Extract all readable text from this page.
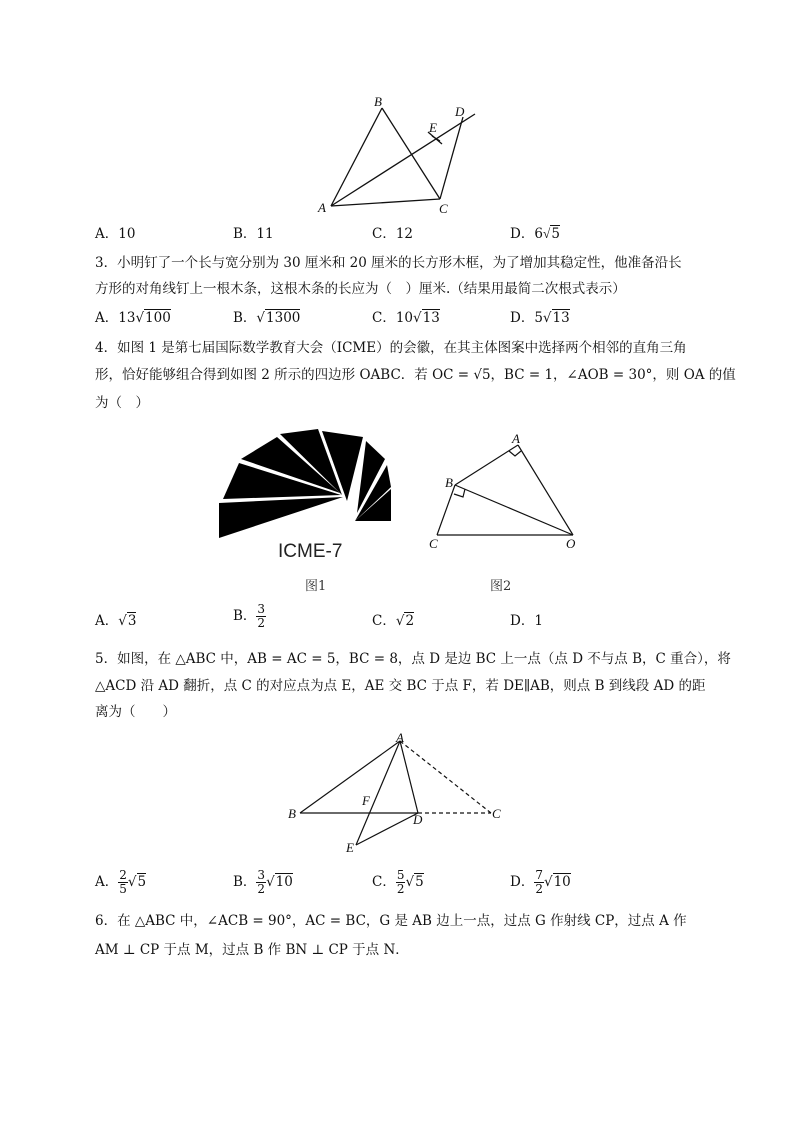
B
D
E
A	C
A．10	B．11	C．12	D．6√5
3．小明钉了一个长与宽分别为 30 厘米和 20 厘米的长方形木框，为了增加其稳定性，他准备沿长
方形的对角线钉上一根木条，这根木条的长应为（　）厘米.（结果用最简二次根式表示）
A．13√100	B．√1300	C．10√13	D．5√13
4．如图 1 是第七届国际数学教育大会（ICME）的会徽，在其主体图案中选择两个相邻的直角三角
形，恰好能够组合得到如图 2 所示的四边形 OABC．若 OC = √5，BC = 1，∠AOB = 30°，则 OA 的值
为（　）
ICME-7
图1
A
B
C	O
图2
A．√3	B． $\frac{3}{2}$	C．√2	D．1
5．如图，在 △ABC 中，AB = AC = 5，BC = 8，点 D 是边 BC 上一点（点 D 不与点 B，C 重合），将
△ACD 沿 AD 翻折，点 C 的对应点为点 E，AE 交 BC 于点 F，若 DE∥AB，则点 B 到线段 AD 的距
离为（　　）
A
B
F
D	C
E
A． $\frac{2}{5} √5$	B． $\frac{3}{2} √10$	C． $\frac{5}{2} √5$	D． $\frac{7}{2} √10$
6．在 △ABC 中，∠ACB = 90°，AC = BC，G 是 AB 边上一点，过点 G 作射线 CP，过点 A 作
AM ⊥ CP 于点 M，过点 B 作 BN ⊥ CP 于点 N．
